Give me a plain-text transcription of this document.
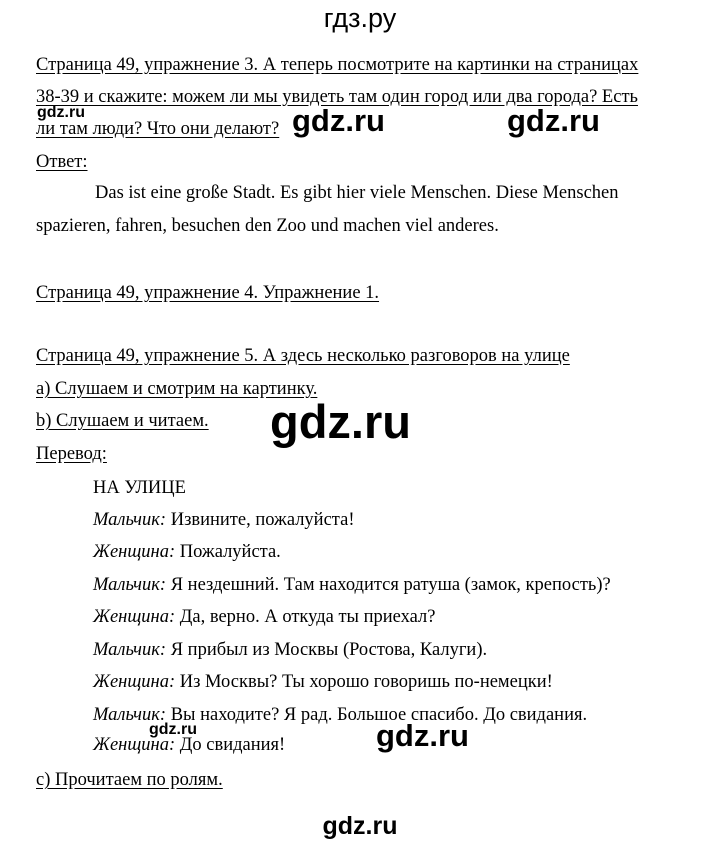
гдз.ру
Страница 49, упражнение 3. А теперь посмотрите на картинки на страницах
38-39 и скажите: можем ли мы увидеть там один город или два города? Есть
ли там люди? Что они делают?
gdz.ru	gdz.ru	gdz.ru
Ответ:
Das ist eine große Stadt. Es gibt hier viele Menschen. Diese Menschen
spazieren, fahren, besuchen den Zoo und machen viel anderes.
Страница 49, упражнение 4. Упражнение 1.
Страница 49, упражнение 5. А здесь несколько разговоров на улице
a) Слушаем и смотрим на картинку.
b) Слушаем и читаем. gdz.ru
Перевод:
НА УЛИЦЕ
Мальчик: Извините, пожалуйста!
Женщина: Пожалуйста.
Мальчик: Я нездешний. Там находится ратуша (замок, крепость)?
Женщина: Да, верно. А откуда ты приехал?
Мальчик: Я прибыл из Москвы (Ростова, Калуги).
Женщина: Из Москвы? Ты хорошо говоришь по-немецки!
Мальчик: Вы находите? Я рад. Большое спасибо. До свидания.
Женщина: До свидания!
gdz.ru	gdz.ru
c) Прочитаем по ролям.
gdz.ru
